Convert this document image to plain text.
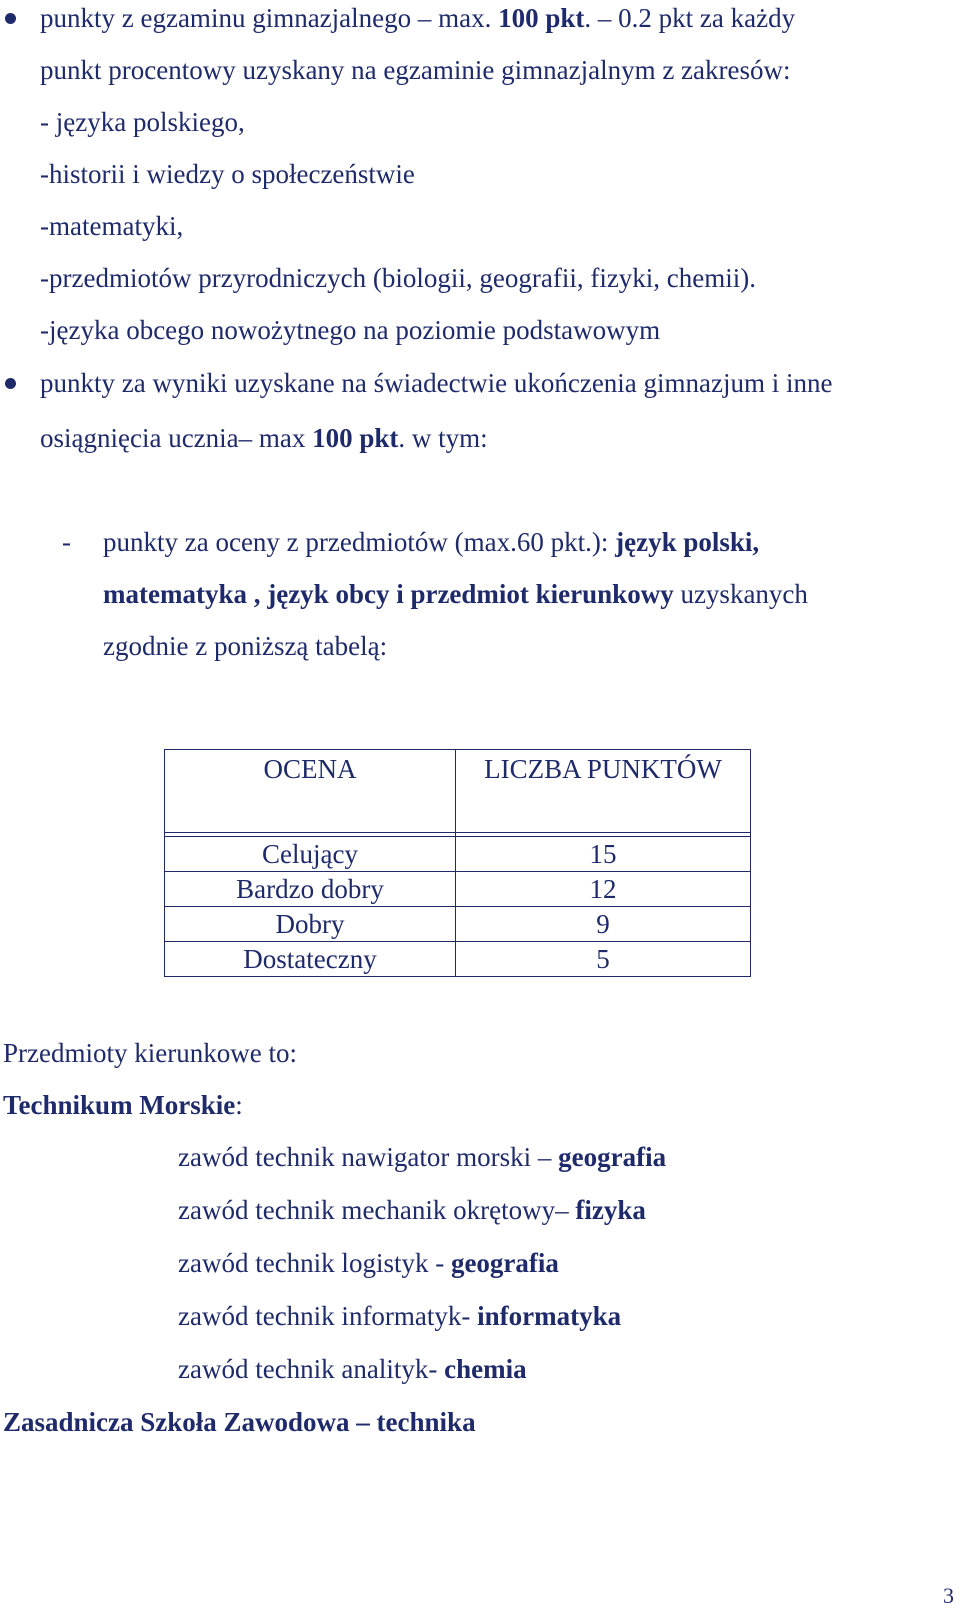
punkty z egzaminu gimnazjalnego – max. 100 pkt. – 0.2 pkt za każdy
punkt procentowy uzyskany na egzaminie gimnazjalnym z zakresów:
- języka polskiego,
-historii i wiedzy o społeczeństwie
-matematyki,
-przedmiotów przyrodniczych (biologii, geografii, fizyki, chemii).
-języka obcego nowożytnego na poziomie podstawowym
punkty za wyniki uzyskane na świadectwie ukończenia gimnazjum i inne
osiągnięcia ucznia– max 100 pkt. w tym:
- punkty za oceny z przedmiotów (max.60 pkt.): język polski,
matematyka , język obcy i przedmiot kierunkowy uzyskanych
zgodnie z poniższą tabelą:
OCENA	LICZBA PUNKTÓW

Celujący	15
Bardzo dobry	12
Dobry	9
Dostateczny	5
Przedmioty kierunkowe to:
Technikum Morskie:
zawód technik nawigator morski – geografia
zawód technik mechanik okrętowy– fizyka
zawód technik logistyk - geografia
zawód technik informatyk- informatyka
zawód technik analityk- chemia
Zasadnicza Szkoła Zawodowa – technika
3
